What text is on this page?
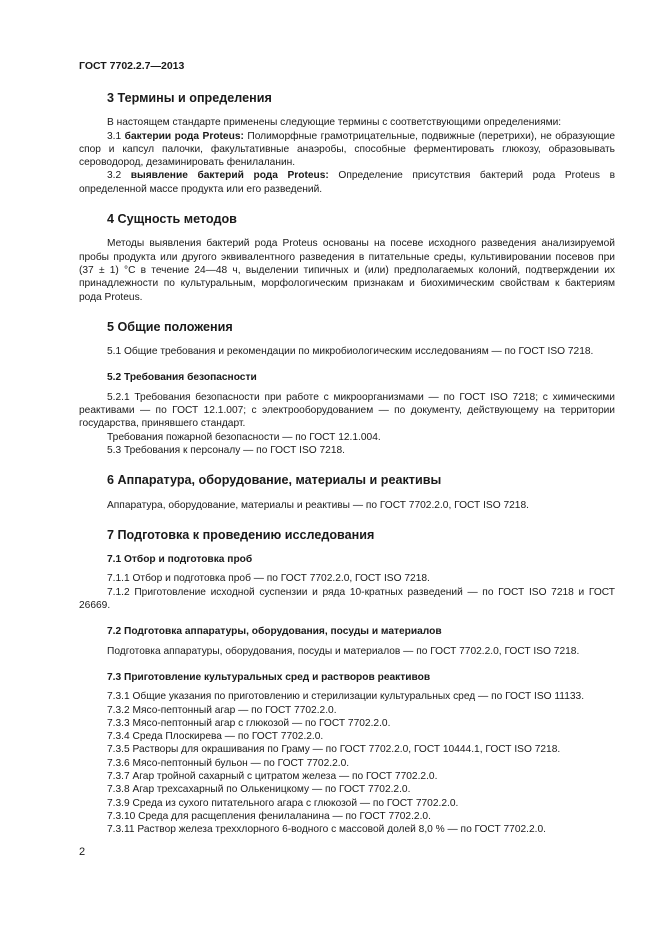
ГОСТ 7702.2.7—2013
3 Термины и определения

В настоящем стандарте применены следующие термины с соответствующими определениями:

3.1 бактерии рода Proteus: Полиморфные грамотрицательные, подвижные (перетрихи), не образующие спор и капсул палочки, факультативные анаэробы, способные ферментировать глюкозу, образовывать сероводород, дезаминировать фенилаланин.

3.2 выявление бактерий рода Proteus: Определение присутствия бактерий рода Proteus в определенной массе продукта или его разведений.

4 Сущность методов

Методы выявления бактерий рода Proteus основаны на посеве исходного разведения анализируемой пробы продукта или другого эквивалентного разведения в питательные среды, культивировании посевов при (37 ± 1) °С в течение 24—48 ч, выделении типичных и (или) предполагаемых колоний, подтверждении их принадлежности по культуральным, морфологическим признакам и биохимическим свойствам к бактериям рода Proteus.

5 Общие положения

5.1 Общие требования и рекомендации по микробиологическим исследованиям — по ГОСТ ISO 7218.

5.2 Требования безопасности

5.2.1 Требования безопасности при работе с микроорганизмами — по ГОСТ ISO 7218; с химическими реактивами — по ГОСТ 12.1.007; с электрооборудованием — по документу, действующему на территории государства, принявшего стандарт.

Требования пожарной безопасности — по ГОСТ 12.1.004.

5.3 Требования к персоналу — по ГОСТ ISO 7218.

6 Аппаратура, оборудование, материалы и реактивы

Аппаратура, оборудование, материалы и реактивы — по ГОСТ 7702.2.0, ГОСТ ISO 7218.

7 Подготовка к проведению исследования
7.1 Отбор и подготовка проб

7.1.1 Отбор и подготовка проб — по ГОСТ 7702.2.0, ГОСТ ISO 7218.

7.1.2 Приготовление исходной суспензии и ряда 10-кратных разведений — по ГОСТ ISO 7218 и ГОСТ 26669.

7.2 Подготовка аппаратуры, оборудования, посуды и материалов

Подготовка аппаратуры, оборудования, посуды и материалов — по ГОСТ 7702.2.0, ГОСТ ISO 7218.

7.3 Приготовление культуральных сред и растворов реактивов

7.3.1 Общие указания по приготовлению и стерилизации культуральных сред — по ГОСТ ISO 11133.

7.3.2 Мясо-пептонный агар — по ГОСТ 7702.2.0.

7.3.3 Мясо-пептонный агар с глюкозой — по ГОСТ 7702.2.0.

7.3.4 Среда Плоскирева — по ГОСТ 7702.2.0.

7.3.5 Растворы для окрашивания по Граму — по ГОСТ 7702.2.0, ГОСТ 10444.1, ГОСТ ISO 7218.

7.3.6 Мясо-пептонный бульон — по ГОСТ 7702.2.0.

7.3.7 Агар тройной сахарный с цитратом железа — по ГОСТ 7702.2.0.

7.3.8 Агар трехсахарный по Олькеницкому — по ГОСТ 7702.2.0.

7.3.9 Среда из сухого питательного агара с глюкозой — по ГОСТ 7702.2.0.

7.3.10 Среда для расщепления фенилаланина — по ГОСТ 7702.2.0.

7.3.11 Раствор железа треххлорного 6-водного с массовой долей 8,0 % — по ГОСТ 7702.2.0.

2
